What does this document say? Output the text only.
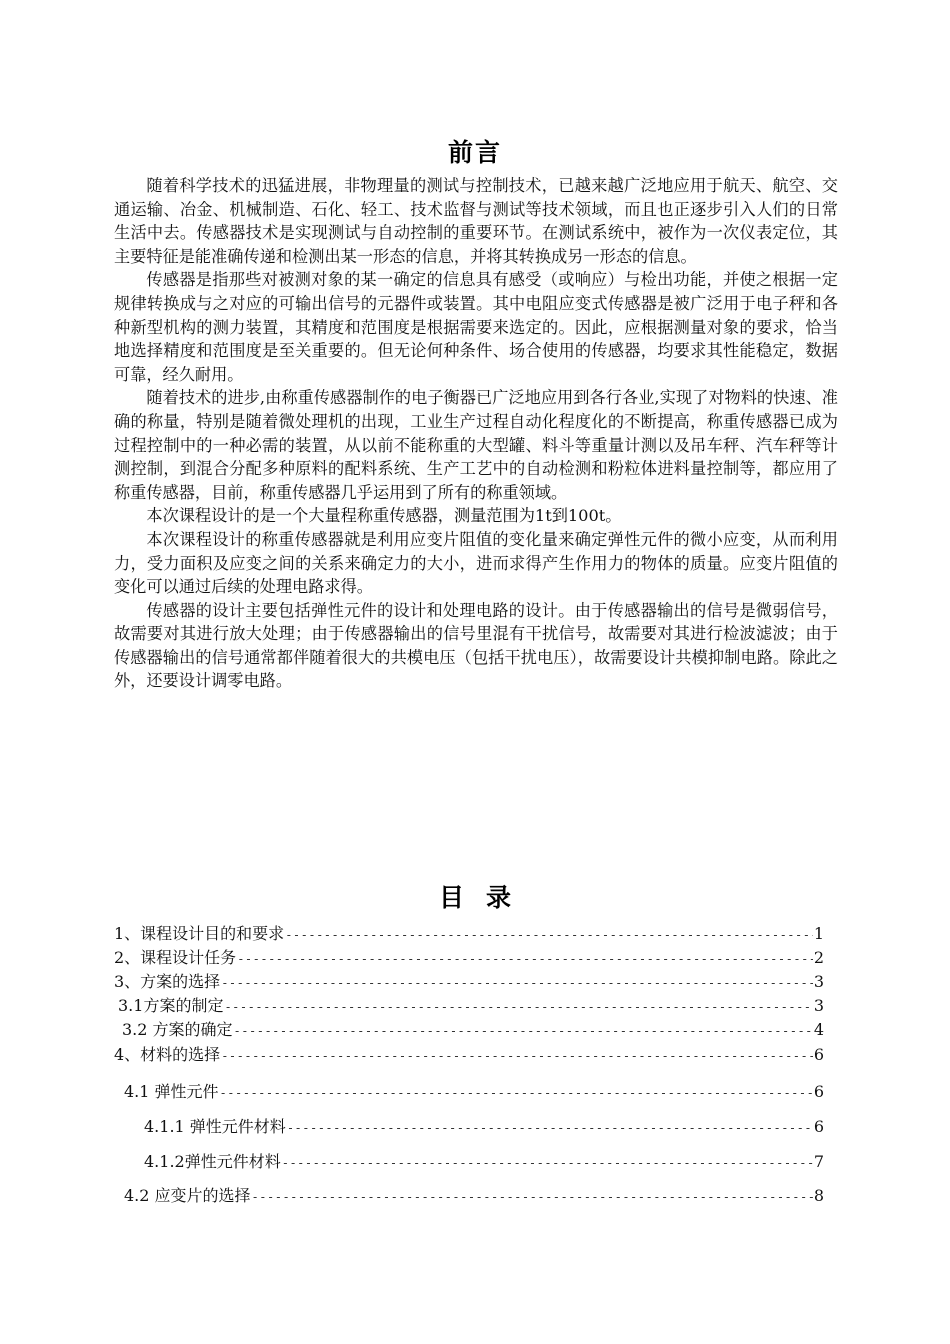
前言

随着科学技术的迅猛进展，非物理量的测试与控制技术，已越来越广泛地应用于航天、航空、交通运输、冶金、机械制造、石化、轻工、技术监督与测试等技术领域，而且也正逐步引入人们的日常生活中去。传感器技术是实现测试与自动控制的重要环节。在测试系统中，被作为一次仪表定位，其主要特征是能准确传递和检测出某一形态的信息，并将其转换成另一形态的信息。

传感器是指那些对被测对象的某一确定的信息具有感受（或响应）与检出功能，并使之根据一定规律转换成与之对应的可输出信号的元器件或装置。其中电阻应变式传感器是被广泛用于电子秤和各种新型机构的测力装置，其精度和范围度是根据需要来选定的。因此，应根据测量对象的要求，恰当地选择精度和范围度是至关重要的。但无论何种条件、场合使用的传感器，均要求其性能稳定，数据可靠，经久耐用。

随着技术的进步,由称重传感器制作的电子衡器已广泛地应用到各行各业,实现了对物料的快速、准确的称量，特别是随着微处理机的出现，工业生产过程自动化程度化的不断提高，称重传感器已成为过程控制中的一种必需的装置，从以前不能称重的大型罐、料斗等重量计测以及吊车秤、汽车秤等计测控制，到混合分配多种原料的配料系统、生产工艺中的自动检测和粉粒体进料量控制等，都应用了称重传感器，目前，称重传感器几乎运用到了所有的称重领域。

本次课程设计的是一个大量程称重传感器，测量范围为1t到100t。

本次课程设计的称重传感器就是利用应变片阻值的变化量来确定弹性元件的微小应变，从而利用力，受力面积及应变之间的关系来确定力的大小，进而求得产生作用力的物体的质量。应变片阻值的变化可以通过后续的处理电路求得。

传感器的设计主要包括弹性元件的设计和处理电路的设计。由于传感器输出的信号是微弱信号，故需要对其进行放大处理；由于传感器输出的信号里混有干扰信号，故需要对其进行检波滤波；由于传感器输出的信号通常都伴随着很大的共模电压（包括干扰电压），故需要设计共模抑制电路。除此之外，还要设计调零电路。

目录
1、课程设计目的和要求 -----	1
2、课程设计任务 -----	2
3、方案的选择 -----	3
3.1方案的制定 -----	3
3.2 方案的确定 -----	4
4、材料的选择 -----	6
4.1 弹性元件 -----	6
4.1.1 弹性元件材料 -----	6
4.1.2弹性元件材料 -----	7
4.2 应变片的选择 -----	8
